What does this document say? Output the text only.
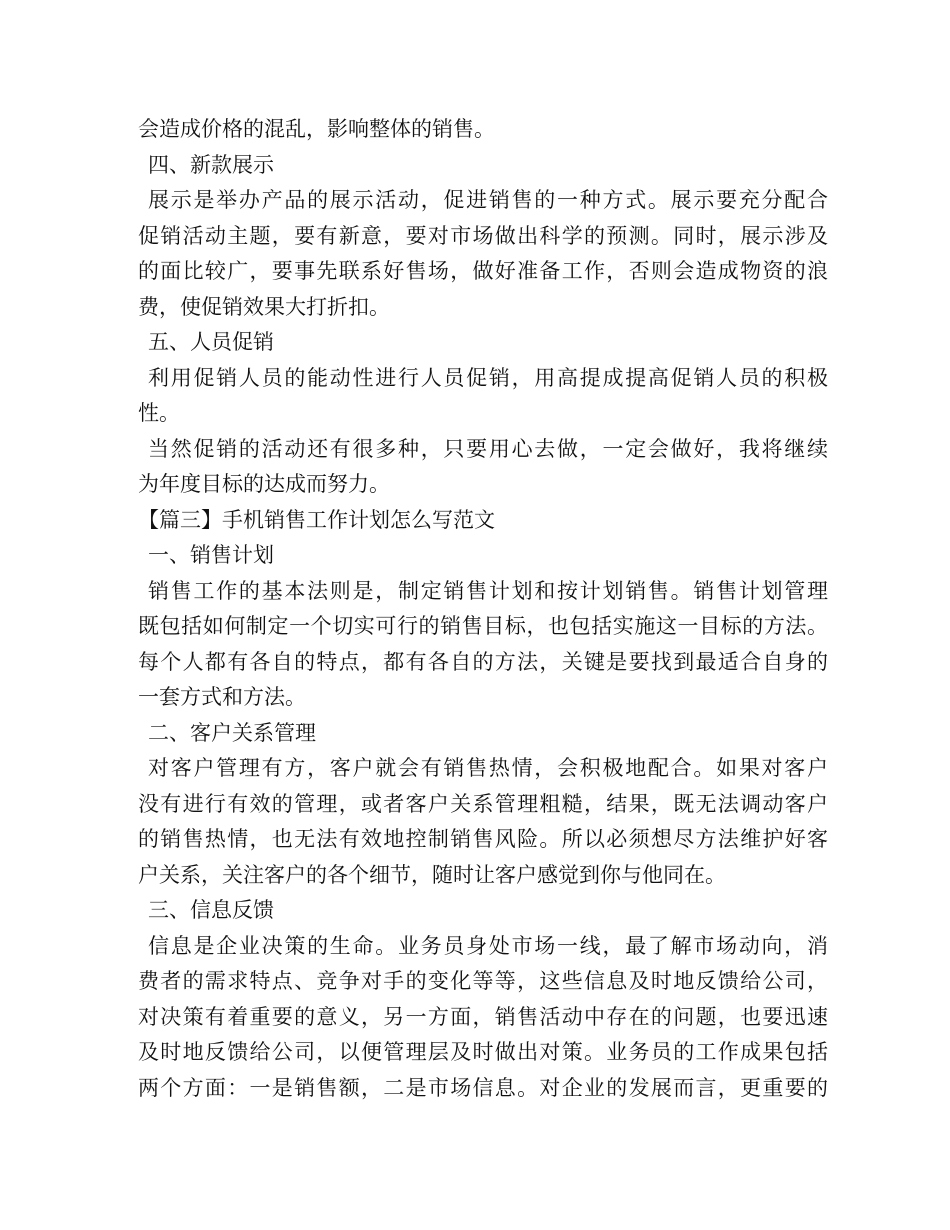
会造成价格的混乱，影响整体的销售。
四、新款展示
展示是举办产品的展示活动，促进销售的一种方式。展示要充分配合
促销活动主题，要有新意，要对市场做出科学的预测。同时，展示涉及
的面比较广，要事先联系好售场，做好准备工作，否则会造成物资的浪
费，使促销效果大打折扣。
五、人员促销
利用促销人员的能动性进行人员促销，用高提成提高促销人员的积极
性。
当然促销的活动还有很多种，只要用心去做，一定会做好，我将继续
为年度目标的达成而努力。
【篇三】手机销售工作计划怎么写范文
一、销售计划
销售工作的基本法则是，制定销售计划和按计划销售。销售计划管理
既包括如何制定一个切实可行的销售目标，也包括实施这一目标的方法。
每个人都有各自的特点，都有各自的方法，关键是要找到最适合自身的
一套方式和方法。
二、客户关系管理
对客户管理有方，客户就会有销售热情，会积极地配合。如果对客户
没有进行有效的管理，或者客户关系管理粗糙，结果，既无法调动客户
的销售热情，也无法有效地控制销售风险。所以必须想尽方法维护好客
户关系，关注客户的各个细节，随时让客户感觉到你与他同在。
三、信息反馈
信息是企业决策的生命。业务员身处市场一线，最了解市场动向，消
费者的需求特点、竞争对手的变化等等，这些信息及时地反馈给公司，
对决策有着重要的意义，另一方面，销售活动中存在的问题，也要迅速
及时地反馈给公司，以便管理层及时做出对策。业务员的工作成果包括
两个方面：一是销售额，二是市场信息。对企业的发展而言，更重要的
